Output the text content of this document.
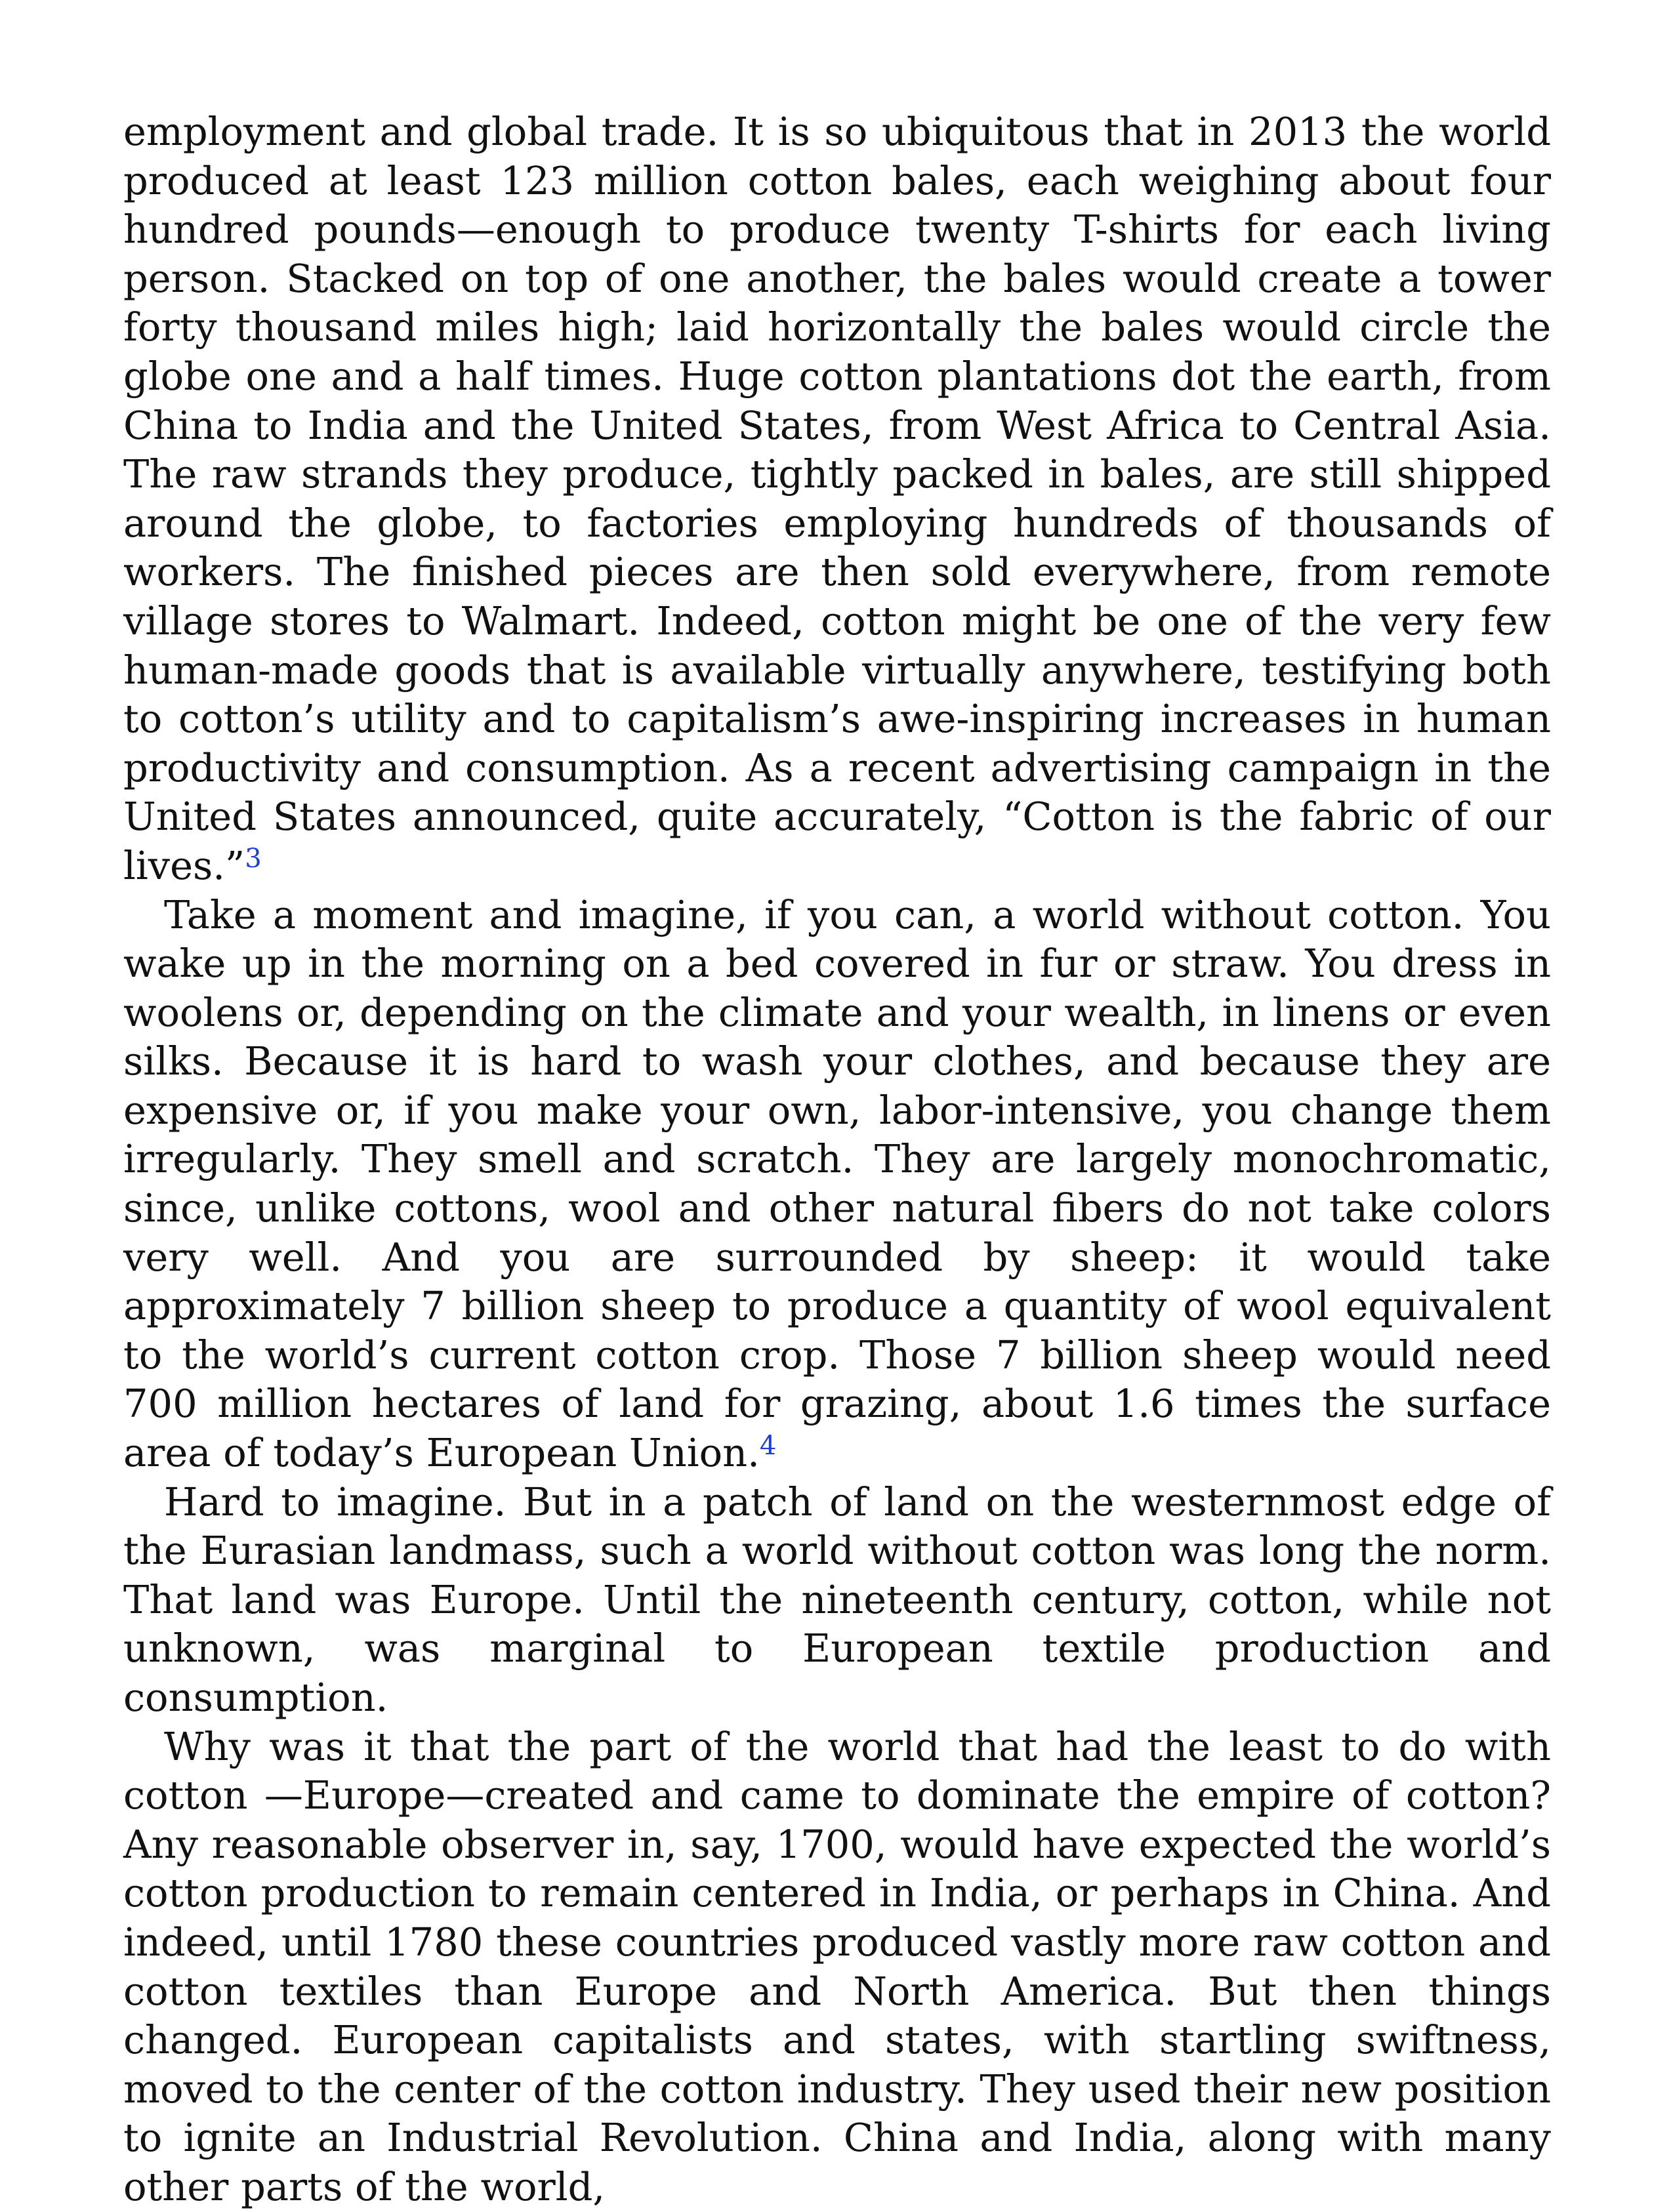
employment and global trade. It is so ubiquitous that in 2013 the world produced at least 123 million cotton bales, each weighing about four hundred pounds—enough to produce twenty T-shirts for each living person. Stacked on top of one another, the bales would create a tower forty thousand miles high; laid horizontally the bales would circle the globe one and a half times. Huge cotton plantations dot the earth, from China to India and the United States, from West Africa to Central Asia. The raw strands they produce, tightly packed in bales, are still shipped around the globe, to factories employing hundreds of thousands of workers. The finished pieces are then sold everywhere, from remote village stores to Walmart. Indeed, cotton might be one of the very few human-made goods that is available virtually anywhere, testifying both to cotton’s utility and to capitalism’s awe-inspiring increases in human productivity and consumption. As a recent advertising campaign in the United States announced, quite accurately, “Cotton is the fabric of our lives.”$^3$

Take a moment and imagine, if you can, a world without cotton. You wake up in the morning on a bed covered in fur or straw. You dress in woolens or, depending on the climate and your wealth, in linens or even silks. Because it is hard to wash your clothes, and because they are expensive or, if you make your own, labor-intensive, you change them irregularly. They smell and scratch. They are largely monochromatic, since, unlike cottons, wool and other natural fibers do not take colors very well. And you are surrounded by sheep: it would take approximately 7 billion sheep to produce a quantity of wool equivalent to the world’s current cotton crop. Those 7 billion sheep would need 700 million hectares of land for grazing, about 1.6 times the surface area of today’s European Union.$^4$

Hard to imagine. But in a patch of land on the westernmost edge of the Eurasian landmass, such a world without cotton was long the norm. That land was Europe. Until the nineteenth century, cotton, while not unknown, was marginal to European textile production and consumption.

Why was it that the part of the world that had the least to do with cotton —Europe—created and came to dominate the empire of cotton? Any reasonable observer in, say, 1700, would have expected the world’s cotton production to remain centered in India, or perhaps in China. And indeed, until 1780 these countries produced vastly more raw cotton and cotton textiles than Europe and North America. But then things changed. European capitalists and states, with startling swiftness, moved to the center of the cotton industry. They used their new position to ignite an Industrial Revolution. China and India, along with many other parts of the world,
